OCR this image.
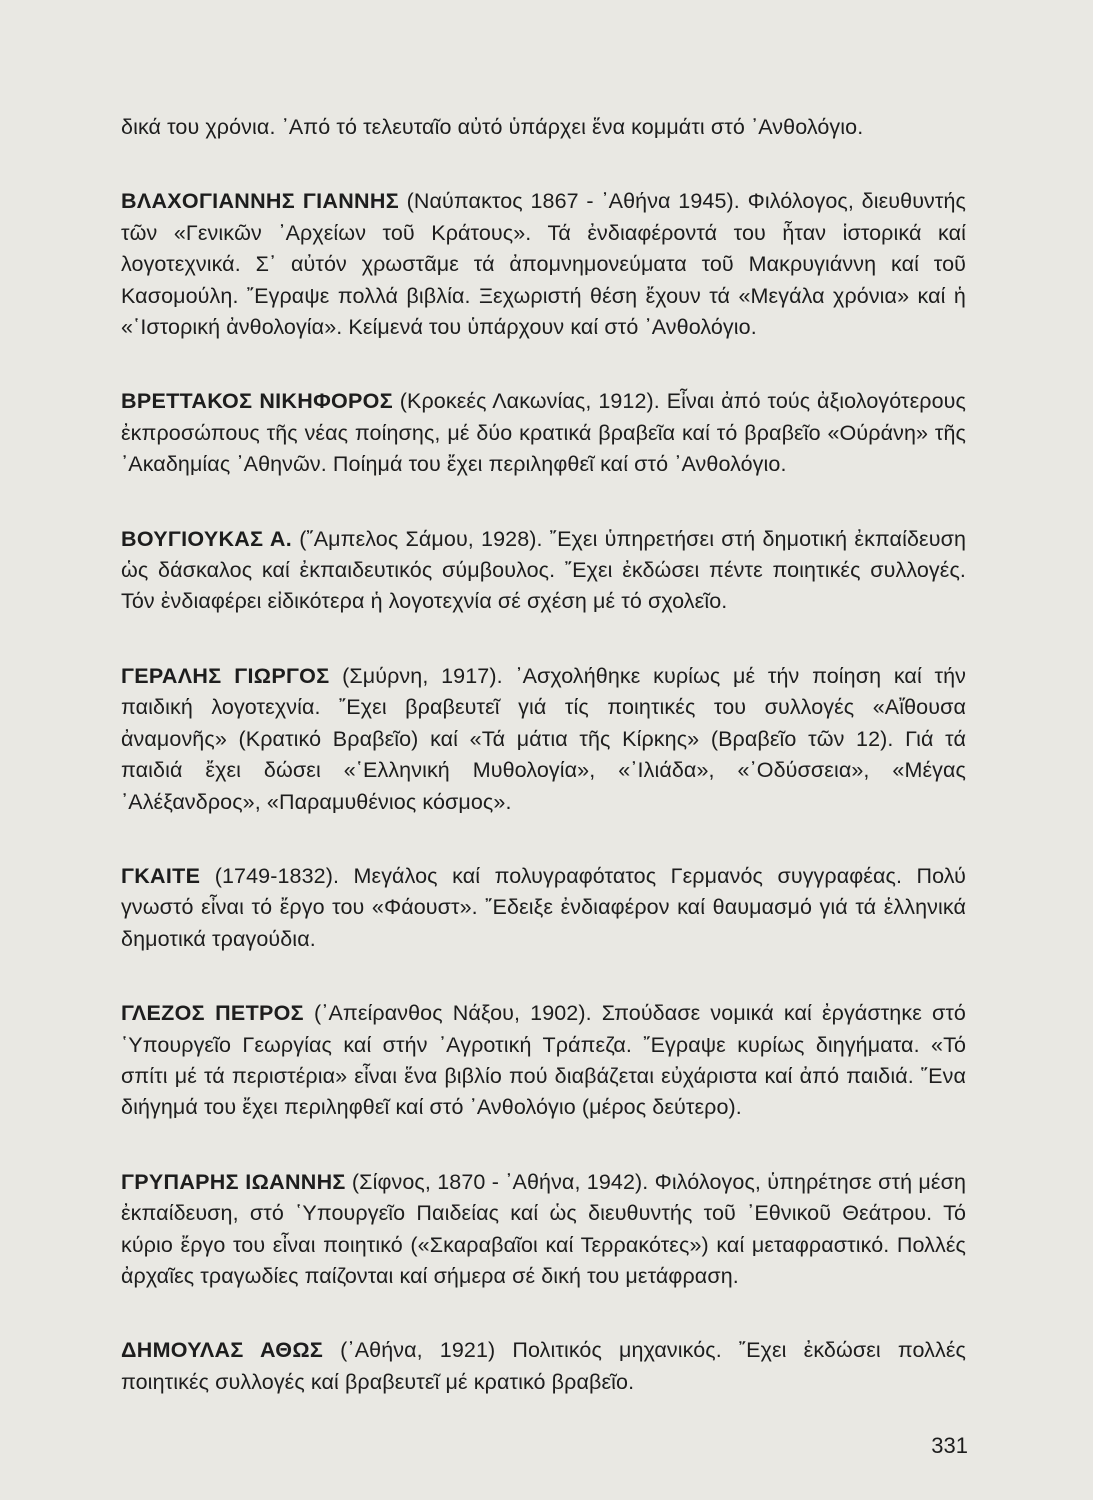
δικά του χρόνια. ᾽Από τό τελευταῖο αὐτό ὑπάρχει ἕνα κομμάτι στό ᾽Ανθολόγιο.

ΒΛΑΧΟΓΙΑΝΝΗΣ ΓΙΑΝΝΗΣ (Ναύπακτος 1867 - ᾽Αθήνα 1945). Φιλόλογος, διευθυντής τῶν «Γενικῶν ᾽Αρχείων τοῦ Κράτους». Τά ἐνδιαφέροντά του ἦταν ἱστορικά καί λογοτεχνικά. Σ᾽ αὐτόν χρωστᾶμε τά ἀπομνημονεύματα τοῦ Μακρυγιάννη καί τοῦ Κασομούλη. ῎Εγραψε πολλά βιβλία. Ξεχωριστή θέση ἔχουν τά «Μεγάλα χρόνια» καί ἡ «῾Ιστορική ἀνθολογία». Κείμενά του ὑπάρχουν καί στό ᾽Ανθολόγιο.

ΒΡΕΤΤΑΚΟΣ ΝΙΚΗΦΟΡΟΣ (Κροκεές Λακωνίας, 1912). Εἶναι ἀπό τούς ἀξιολογότερους ἐκπροσώπους τῆς νέας ποίησης, μέ δύο κρατικά βραβεῖα καί τό βραβεῖο «Ούράνη» τῆς ᾽Ακαδημίας ᾽Αθηνῶν. Ποίημά του ἔχει περιληφθεῖ καί στό ᾽Ανθολόγιο.

ΒΟΥΓΙΟΥΚΑΣ Α. (῎Αμπελος Σάμου, 1928). ῎Εχει ὑπηρετήσει στή δημοτική ἐκπαίδευση ὡς δάσκαλος καί ἐκπαιδευτικός σύμβουλος. ῎Εχει ἐκδώσει πέντε ποιητικές συλλογές. Τόν ἐνδιαφέρει εἰδικότερα ἡ λογοτεχνία σέ σχέση μέ τό σχολεῖο.

ΓΕΡΑΛΗΣ ΓΙΩΡΓΟΣ (Σμύρνη, 1917). ᾽Ασχολήθηκε κυρίως μέ τήν ποίηση καί τήν παιδική λογοτεχνία. ῎Εχει βραβευτεῖ γιά τίς ποιητικές του συλλογές «Αἴθουσα ἀναμονῆς» (Κρατικό Βραβεῖο) καί «Τά μάτια τῆς Κίρκης» (Βραβεῖο τῶν 12). Γιά τά παιδιά ἔχει δώσει «῾Ελληνική Μυθολογία», «᾽Ιλιάδα», «᾽Οδύσσεια», «Μέγας ᾽Αλέξανδρος», «Παραμυθένιος κόσμος».

ΓΚΑΙΤΕ (1749-1832). Μεγάλος καί πολυγραφότατος Γερμανός συγγραφέας. Πολύ γνωστό εἶναι τό ἔργο του «Φάουστ». ῎Εδειξε ἐνδιαφέρον καί θαυμασμό γιά τά ἑλληνικά δημοτικά τραγούδια.

ΓΛΕΖΟΣ ΠΕΤΡΟΣ (᾽Απείρανθος Νάξου, 1902). Σπούδασε νομικά καί ἐργάστηκε στό ῾Υπουργεῖο Γεωργίας καί στήν ᾽Αγροτική Τράπεζα. ῎Εγραψε κυρίως διηγήματα. «Τό σπίτι μέ τά περιστέρια» εἶναι ἕνα βιβλίο πού διαβάζεται εὐχάριστα καί ἀπό παιδιά. ῞Ενα διήγημά του ἔχει περιληφθεῖ καί στό ᾽Ανθολόγιο (μέρος δεύτερο).

ΓΡΥΠΑΡΗΣ ΙΩΑΝΝΗΣ (Σίφνος, 1870 - ᾽Αθήνα, 1942). Φιλόλογος, ὑπηρέτησε στή μέση ἐκπαίδευση, στό ῾Υπουργεῖο Παιδείας καί ὡς διευθυντής τοῦ ᾽Εθνικοῦ Θεάτρου. Τό κύριο ἔργο του εἶναι ποιητικό («Σκαραβαῖοι καί Τερρακότες») καί μεταφραστικό. Πολλές ἀρχαῖες τραγωδίες παίζονται καί σήμερα σέ δική του μετάφραση.

ΔΗΜΟΥΛΑΣ ΑΘΩΣ (᾽Αθήνα, 1921) Πολιτικός μηχανικός. ῎Εχει ἐκδώσει πολλές ποιητικές συλλογές καί βραβευτεῖ μέ κρατικό βραβεῖο.

331
